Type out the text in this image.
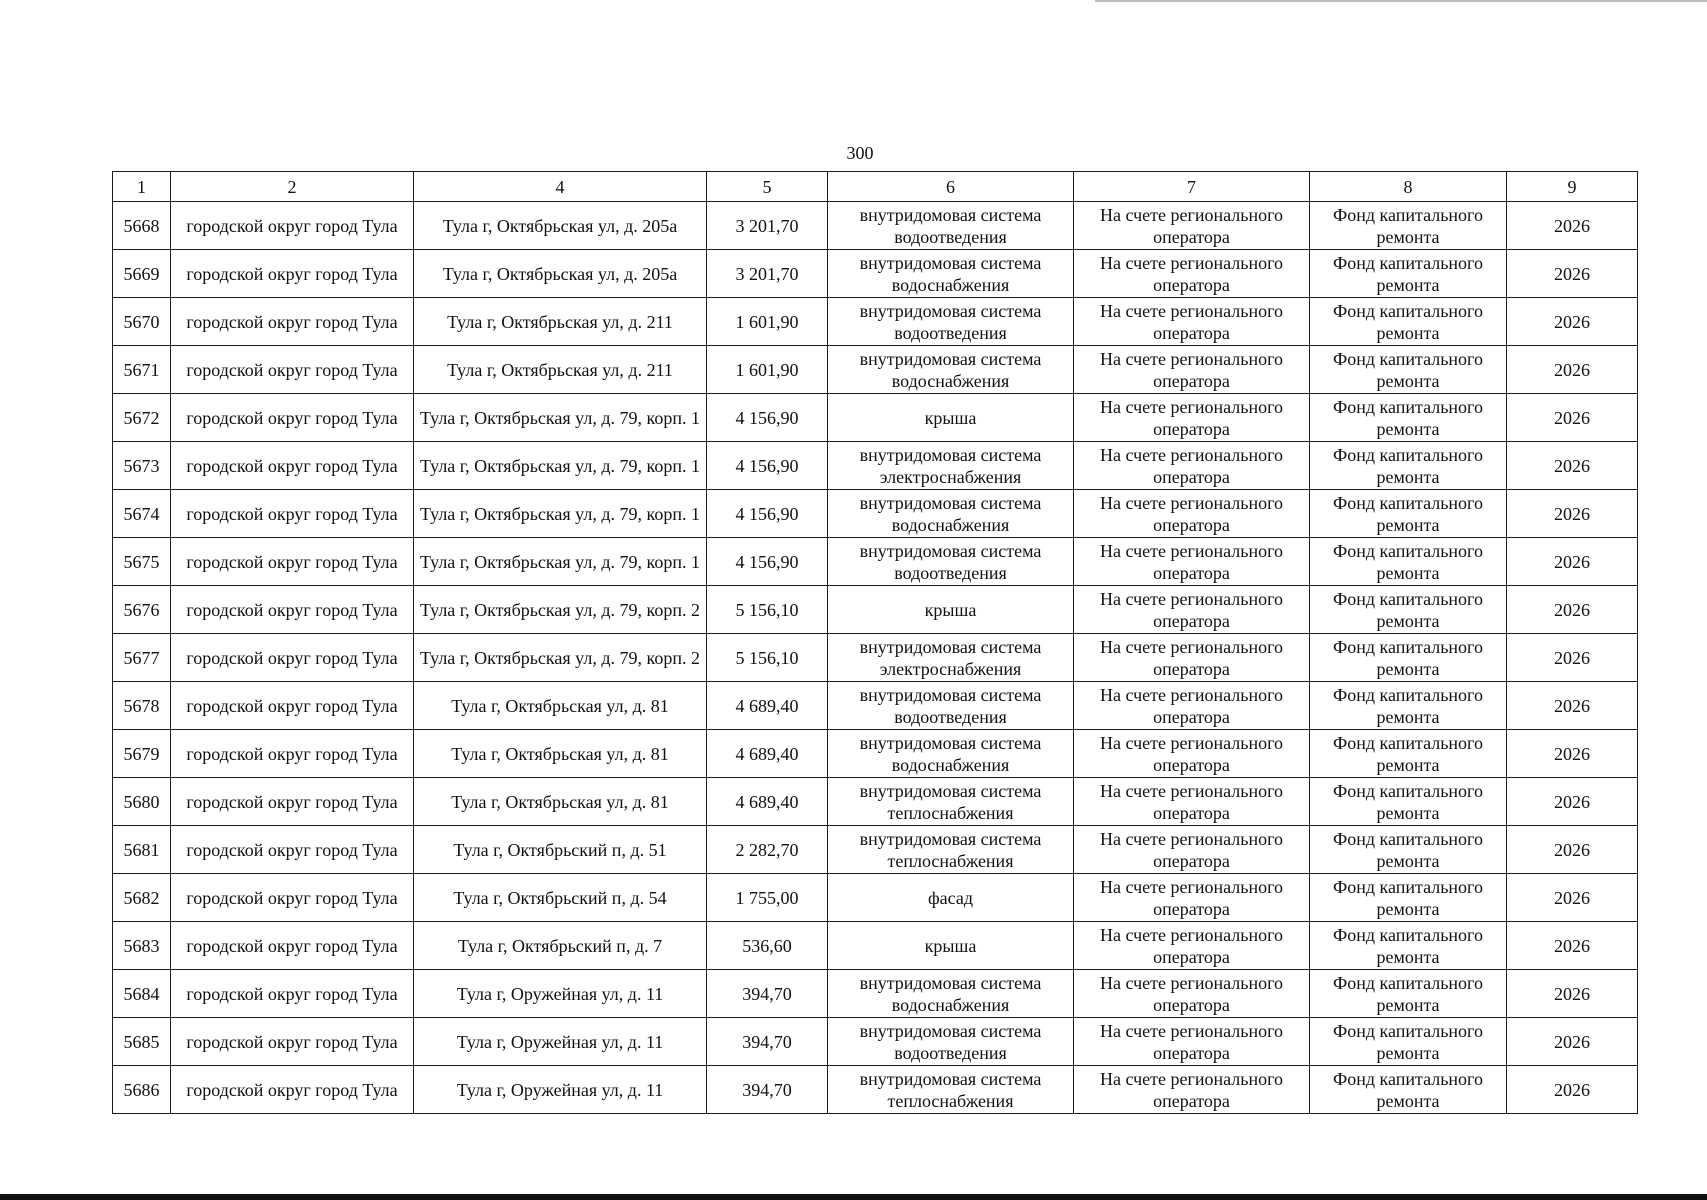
300
1	2	4	5	6	7	8	9
5668	городской округ город Тула	Тула г, Октябрьская ул, д. 205а	3 201,70	внутридомовая система водоотведения	На счете регионального оператора	Фонд капитального ремонта	2026
5669	городской округ город Тула	Тула г, Октябрьская ул, д. 205а	3 201,70	внутридомовая система водоснабжения	На счете регионального оператора	Фонд капитального ремонта	2026
5670	городской округ город Тула	Тула г, Октябрьская ул, д. 211	1 601,90	внутридомовая система водоотведения	На счете регионального оператора	Фонд капитального ремонта	2026
5671	городской округ город Тула	Тула г, Октябрьская ул, д. 211	1 601,90	внутридомовая система водоснабжения	На счете регионального оператора	Фонд капитального ремонта	2026
5672	городской округ город Тула	Тула г, Октябрьская ул, д. 79, корп. 1	4 156,90	крыша	На счете регионального оператора	Фонд капитального ремонта	2026
5673	городской округ город Тула	Тула г, Октябрьская ул, д. 79, корп. 1	4 156,90	внутридомовая система электроснабжения	На счете регионального оператора	Фонд капитального ремонта	2026
5674	городской округ город Тула	Тула г, Октябрьская ул, д. 79, корп. 1	4 156,90	внутридомовая система водоснабжения	На счете регионального оператора	Фонд капитального ремонта	2026
5675	городской округ город Тула	Тула г, Октябрьская ул, д. 79, корп. 1	4 156,90	внутридомовая система водоотведения	На счете регионального оператора	Фонд капитального ремонта	2026
5676	городской округ город Тула	Тула г, Октябрьская ул, д. 79, корп. 2	5 156,10	крыша	На счете регионального оператора	Фонд капитального ремонта	2026
5677	городской округ город Тула	Тула г, Октябрьская ул, д. 79, корп. 2	5 156,10	внутридомовая система электроснабжения	На счете регионального оператора	Фонд капитального ремонта	2026
5678	городской округ город Тула	Тула г, Октябрьская ул, д. 81	4 689,40	внутридомовая система водоотведения	На счете регионального оператора	Фонд капитального ремонта	2026
5679	городской округ город Тула	Тула г, Октябрьская ул, д. 81	4 689,40	внутридомовая система водоснабжения	На счете регионального оператора	Фонд капитального ремонта	2026
5680	городской округ город Тула	Тула г, Октябрьская ул, д. 81	4 689,40	внутридомовая система теплоснабжения	На счете регионального оператора	Фонд капитального ремонта	2026
5681	городской округ город Тула	Тула г, Октябрьский п, д. 51	2 282,70	внутридомовая система теплоснабжения	На счете регионального оператора	Фонд капитального ремонта	2026
5682	городской округ город Тула	Тула г, Октябрьский п, д. 54	1 755,00	фасад	На счете регионального оператора	Фонд капитального ремонта	2026
5683	городской округ город Тула	Тула г, Октябрьский п, д. 7	536,60	крыша	На счете регионального оператора	Фонд капитального ремонта	2026
5684	городской округ город Тула	Тула г, Оружейная ул, д. 11	394,70	внутридомовая система водоснабжения	На счете регионального оператора	Фонд капитального ремонта	2026
5685	городской округ город Тула	Тула г, Оружейная ул, д. 11	394,70	внутридомовая система водоотведения	На счете регионального оператора	Фонд капитального ремонта	2026
5686	городской округ город Тула	Тула г, Оружейная ул, д. 11	394,70	внутридомовая система теплоснабжения	На счете регионального оператора	Фонд капитального ремонта	2026
